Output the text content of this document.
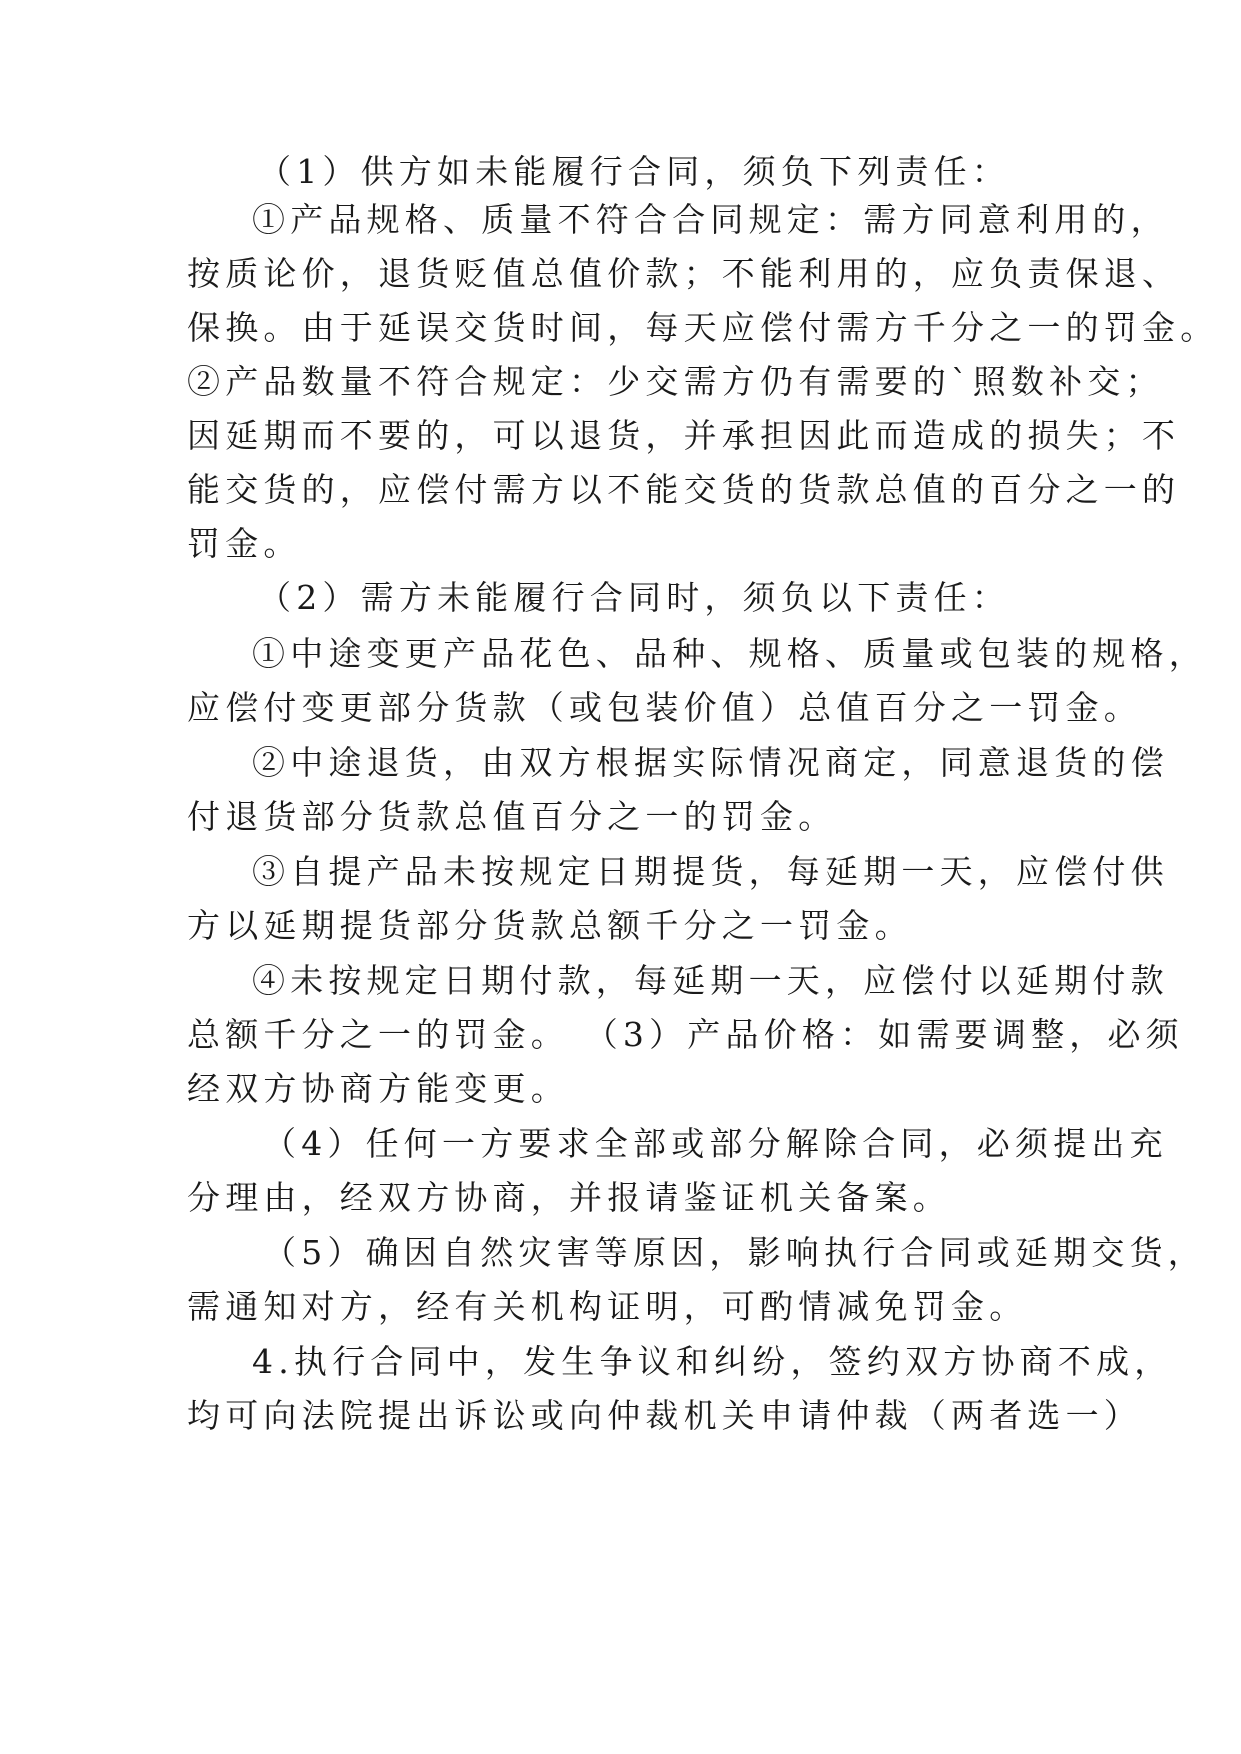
（1）供方如未能履行合同，须负下列责任：
①产品规格、质量不符合合同规定：需方同意利用的，
按质论价，退货贬值总值价款；不能利用的，应负责保退、
保换。由于延误交货时间，每天应偿付需方千分之一的罚金。
②产品数量不符合规定：少交需方仍有需要的`照数补交；
因延期而不要的，可以退货，并承担因此而造成的损失；不
能交货的，应偿付需方以不能交货的货款总值的百分之一的
罚金。
（2）需方未能履行合同时，须负以下责任：
①中途变更产品花色、品种、规格、质量或包装的规格，
应偿付变更部分货款（或包装价值）总值百分之一罚金。
②中途退货，由双方根据实际情况商定，同意退货的偿
付退货部分货款总值百分之一的罚金。
③自提产品未按规定日期提货，每延期一天，应偿付供
方以延期提货部分货款总额千分之一罚金。
④未按规定日期付款，每延期一天，应偿付以延期付款
总额千分之一的罚金。 （3）产品价格：如需要调整，必须
经双方协商方能变更。
（4）任何一方要求全部或部分解除合同，必须提出充
分理由，经双方协商，并报请鉴证机关备案。
（5）确因自然灾害等原因，影响执行合同或延期交货，
需通知对方，经有关机构证明，可酌情减免罚金。
4.执行合同中，发生争议和纠纷，签约双方协商不成，
均可向法院提出诉讼或向仲裁机关申请仲裁（两者选一）
